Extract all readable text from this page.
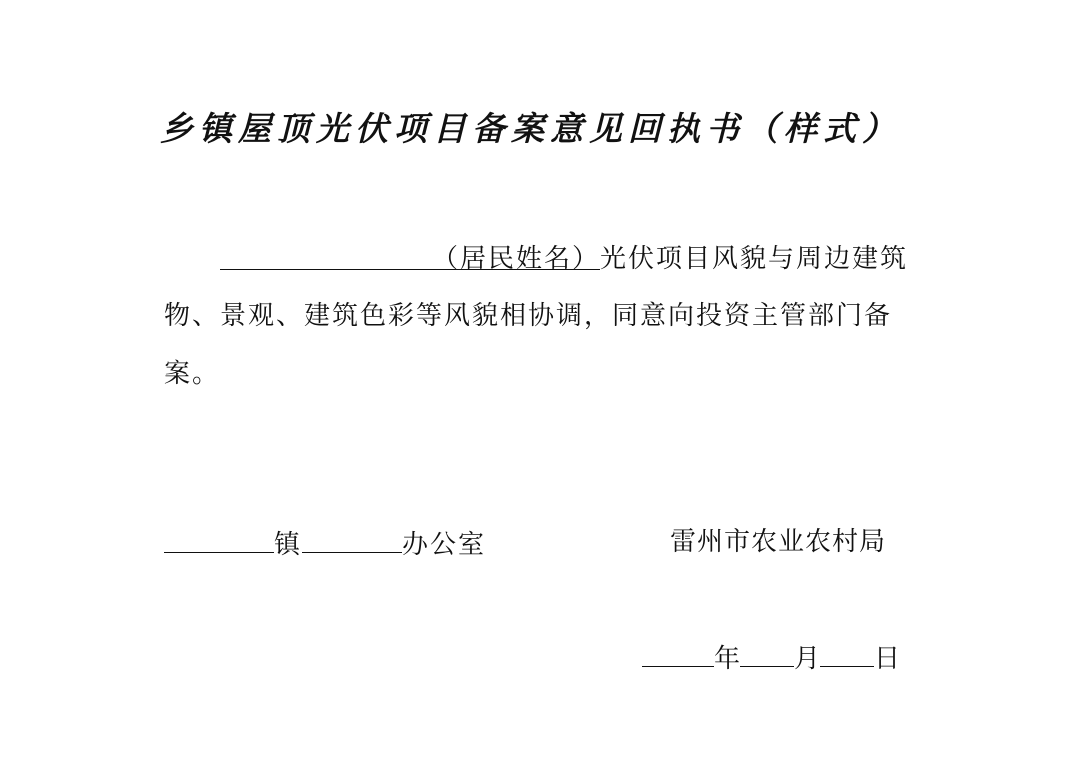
乡镇屋顶光伏项目备案意见回执书（样式）
（居民姓名）光伏项目风貌与周边建筑
物、景观、建筑色彩等风貌相协调，同意向投资主管部门备
案。
镇	办公室	雷州市农业农村局
年 月 日
